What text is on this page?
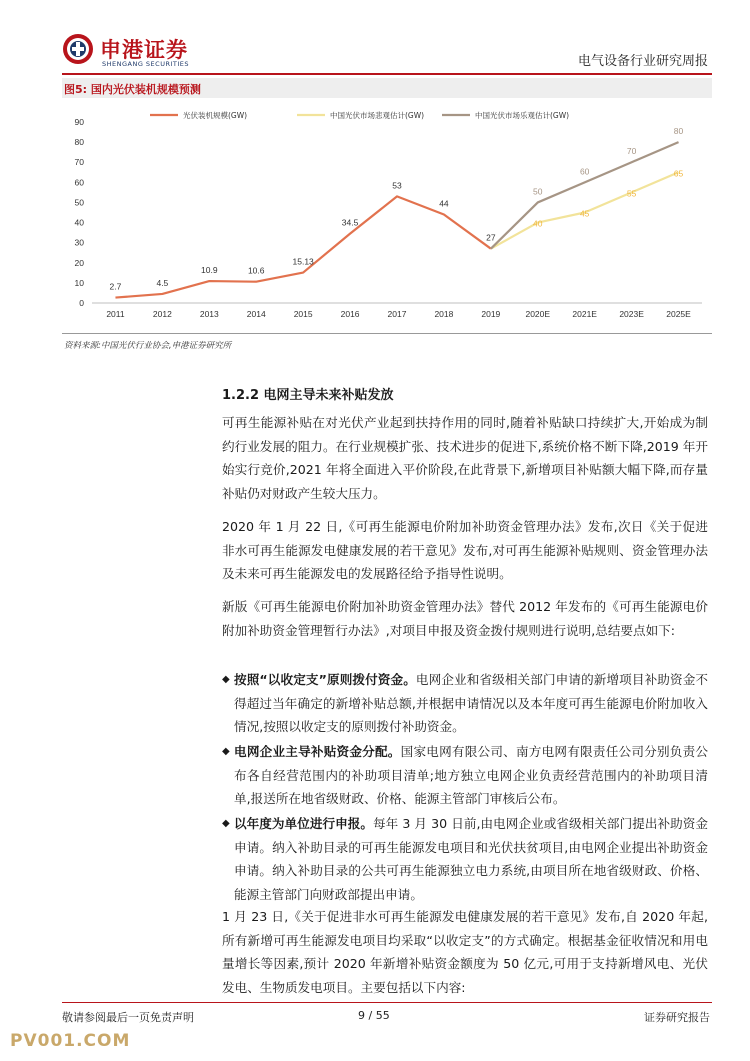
申港证券
SHENGANG SECURITIES	电气设备行业研究周报
图5: 国内光伏装机规模预测
0
10
20
30
40
50
60
70
80
90
2011	2012	2013	2014	2015	2016	2017	2018	2019	2020E	2021E	2023E	2025E
2.7	4.5
10.9	10.6
15.13
34.5
53
44
27
40
45
55
65
50
60
70
80
光伏装机规模(GW)	中国光伏市场悲观估计(GW)	中国光伏市场乐观估计(GW)
资料来源:中国光伏行业协会,申港证券研究所
1.2.2 电网主导未来补贴发放

可再生能源补贴在对光伏产业起到扶持作用的同时,随着补贴缺口持续扩大,开始成为制约行业发展的阻力。在行业规模扩张、技术进步的促进下,系统价格不断下降,2019 年开始实行竞价,2021 年将全面进入平价阶段,在此背景下,新增项目补贴额大幅下降,而存量补贴仍对财政产生较大压力。

2020 年 1 月 22 日,《可再生能源电价附加补助资金管理办法》发布,次日《关于促进非水可再生能源发电健康发展的若干意见》发布,对可再生能源补贴规则、资金管理办法及未来可再生能源发电的发展路径给予指导性说明。

新版《可再生能源电价附加补助资金管理办法》替代 2012 年发布的《可再生能源电价附加补助资金管理暂行办法》,对项目申报及资金拨付规则进行说明,总结要点如下:

◆ 按照“以收定支”原则拨付资金。电网企业和省级相关部门申请的新增项目补助资金不得超过当年确定的新增补贴总额,并根据申请情况以及本年度可再生能源电价附加收入情况,按照以收定支的原则拨付补助资金。
◆ 电网企业主导补贴资金分配。国家电网有限公司、南方电网有限责任公司分别负责公布各自经营范围内的补助项目清单;地方独立电网企业负责经营范围内的补助项目清单,报送所在地省级财政、价格、能源主管部门审核后公布。
◆ 以年度为单位进行申报。每年 3 月 30 日前,由电网企业或省级相关部门提出补助资金申请。纳入补助目录的可再生能源发电项目和光伏扶贫项目,由电网企业提出补助资金申请。纳入补助目录的公共可再生能源独立电力系统,由项目所在地省级财政、价格、能源主管部门向财政部提出申请。

1 月 23 日,《关于促进非水可再生能源发电健康发展的若干意见》发布,自 2020 年起,所有新增可再生能源发电项目均采取“以收定支”的方式确定。根据基金征收情况和用电量增长等因素,预计 2020 年新增补贴资金额度为 50 亿元,可用于支持新增风电、光伏发电、生物质发电项目。主要包括以下内容:

敬请参阅最后一页免责声明	9 / 55	证券研究报告
PV001.COM
